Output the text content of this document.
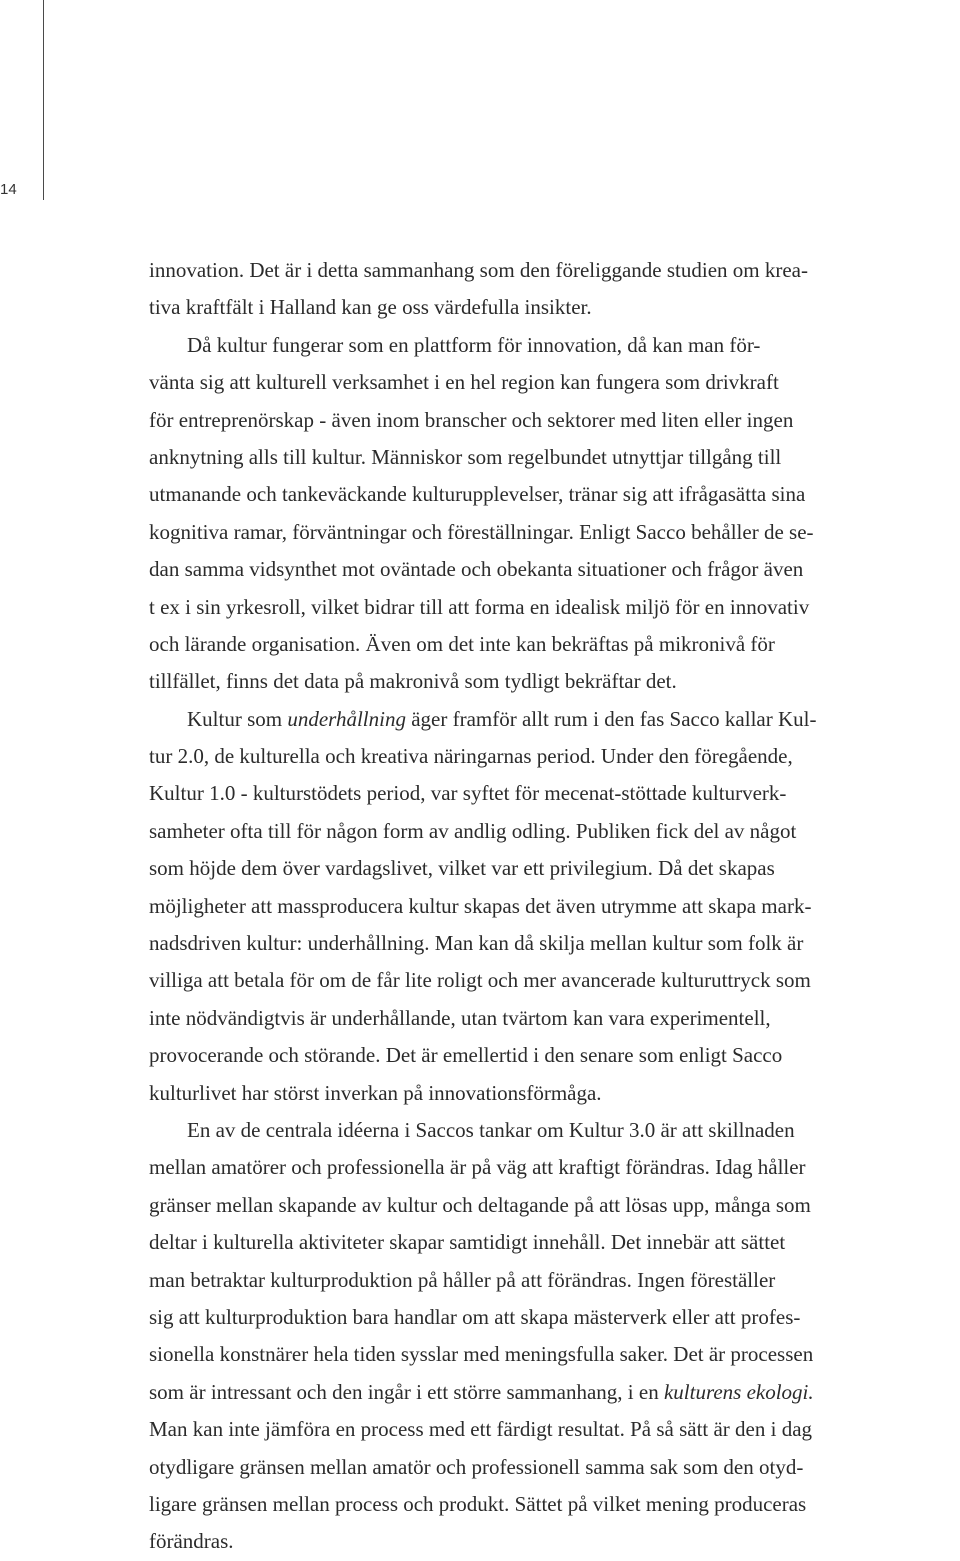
14
innovation. Det är i detta sammanhang som den föreliggande studien om krea-
tiva kraftfält i Halland kan ge oss värdefulla insikter.
Då kultur fungerar som en plattform för innovation, då kan man för-
vänta sig att kulturell verksamhet i en hel region kan fungera som drivkraft
för entreprenörskap - även inom branscher och sektorer med liten eller ingen
anknytning alls till kultur. Människor som regelbundet utnyttjar tillgång till
utmanande och tankeväckande kulturupplevelser, tränar sig att ifrågasätta sina
kognitiva ramar, förväntningar och föreställningar. Enligt Sacco behåller de se-
dan samma vidsynthet mot oväntade och obekanta situationer och frågor även
t ex i sin yrkesroll, vilket bidrar till att forma en idealisk miljö för en innovativ
och lärande organisation. Även om det inte kan bekräftas på mikronivå för
tillfället, finns det data på makronivå som tydligt bekräftar det.
Kultur som underhållning äger framför allt rum i den fas Sacco kallar Kul-
tur 2.0, de kulturella och kreativa näringarnas period. Under den föregående,
Kultur 1.0 - kulturstödets period, var syftet för mecenat-stöttade kulturverk-
samheter ofta till för någon form av andlig odling. Publiken fick del av något
som höjde dem över vardagslivet, vilket var ett privilegium. Då det skapas
möjligheter att massproducera kultur skapas det även utrymme att skapa mark-
nadsdriven kultur: underhållning. Man kan då skilja mellan kultur som folk är
villiga att betala för om de får lite roligt och mer avancerade kulturuttryck som
inte nödvändigtvis är underhållande, utan tvärtom kan vara experimentell,
provocerande och störande. Det är emellertid i den senare som enligt Sacco
kulturlivet har störst inverkan på innovationsförmåga.
En av de centrala idéerna i Saccos tankar om Kultur 3.0 är att skillnaden
mellan amatörer och professionella är på väg att kraftigt förändras. Idag håller
gränser mellan skapande av kultur och deltagande på att lösas upp, många som
deltar i kulturella aktiviteter skapar samtidigt innehåll. Det innebär att sättet
man betraktar kulturproduktion på håller på att förändras. Ingen föreställer
sig att kulturproduktion bara handlar om att skapa mästerverk eller att profes-
sionella konstnärer hela tiden sysslar med meningsfulla saker. Det är processen
som är intressant och den ingår i ett större sammanhang, i en kulturens ekologi.
Man kan inte jämföra en process med ett färdigt resultat. På så sätt är den i dag
otydligare gränsen mellan amatör och professionell samma sak som den otyd-
ligare gränsen mellan process och produkt. Sättet på vilket mening produceras
förändras.
